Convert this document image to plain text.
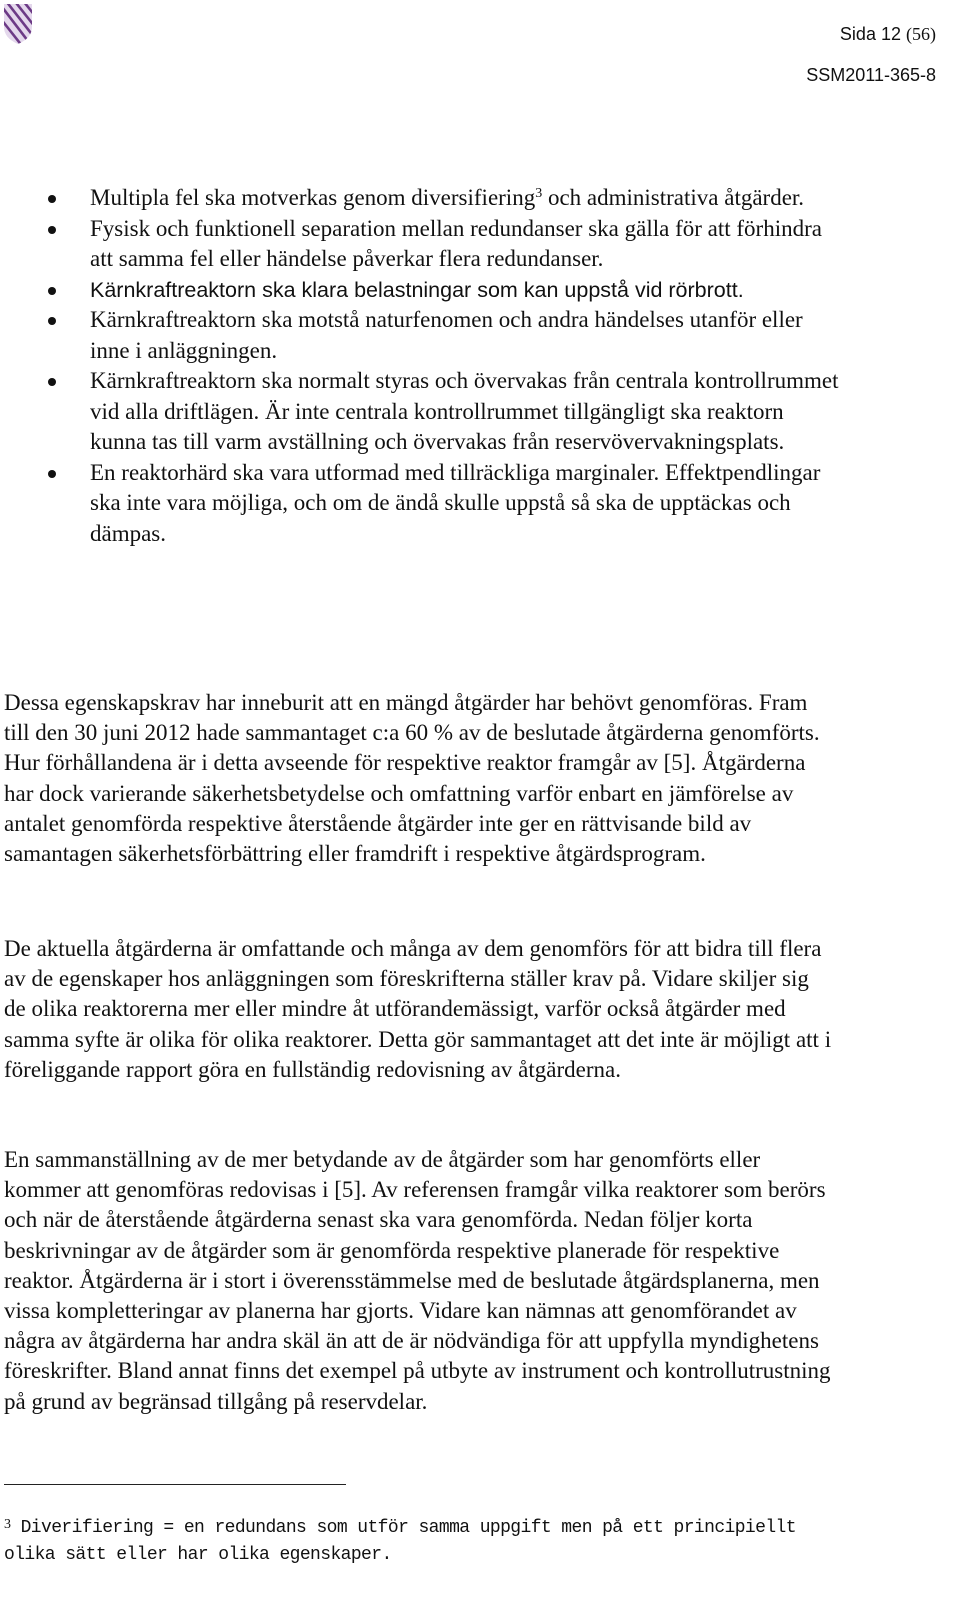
Sida 12 (56)
SSM2011-365-8
Multipla fel ska motverkas genom diversifiering$^3$ och administrativa åtgärder.
Fysisk och funktionell separation mellan redundanser ska gälla för att förhindra att samma fel eller händelse påverkar flera redundanser.
Kärnkraftreaktorn ska klara belastningar som kan uppstå vid rörbrott.
Kärnkraftreaktorn ska motstå naturfenomen och andra händelses utanför eller inne i anläggningen.
Kärnkraftreaktorn ska normalt styras och övervakas från centrala kontrollrummet vid alla driftlägen. Är inte centrala kontrollrummet tillgängligt ska reaktorn kunna tas till varm avställning och övervakas från reservövervakningsplats.
En reaktorhärd ska vara utformad med tillräckliga marginaler. Effektpendlingar ska inte vara möjliga, och om de ändå skulle uppstå så ska de upptäckas och dämpas.

Dessa egenskapskrav har inneburit att en mängd åtgärder har behövt genomföras. Fram till den 30 juni 2012 hade sammantaget c:a 60 % av de beslutade åtgärderna genomförts. Hur förhållandena är i detta avseende för respektive reaktor framgår av [5]. Åtgärderna har dock varierande säkerhetsbetydelse och omfattning varför enbart en jämförelse av antalet genomförda respektive återstående åtgärder inte ger en rättvisande bild av samantagen säkerhetsförbättring eller framdrift i respektive åtgärdsprogram.

De aktuella åtgärderna är omfattande och många av dem genomförs för att bidra till flera av de egenskaper hos anläggningen som föreskrifterna ställer krav på. Vidare skiljer sig de olika reaktorerna mer eller mindre åt utförandemässigt, varför också åtgärder med samma syfte är olika för olika reaktorer. Detta gör sammantaget att det inte är möjligt att i föreliggande rapport göra en fullständig redovisning av åtgärderna.

En sammanställning av de mer betydande av de åtgärder som har genomförts eller kommer att genomföras redovisas i [5]. Av referensen framgår vilka reaktorer som berörs och när de återstående åtgärderna senast ska vara genomförda. Nedan följer korta beskrivningar av de åtgärder som är genomförda respektive planerade för respektive reaktor. Åtgärderna är i stort i överensstämmelse med de beslutade åtgärdsplanerna, men vissa kompletteringar av planerna har gjorts. Vidare kan nämnas att genomförandet av några av åtgärderna har andra skäl än att de är nödvändiga för att uppfylla myndighetens föreskrifter. Bland annat finns det exempel på utbyte av instrument och kontrollutrustning på grund av begränsad tillgång på reservdelar.

$^3$ Diverifiering = en redundans som utför samma uppgift men på ett principiellt olika sätt eller har olika egenskaper.
